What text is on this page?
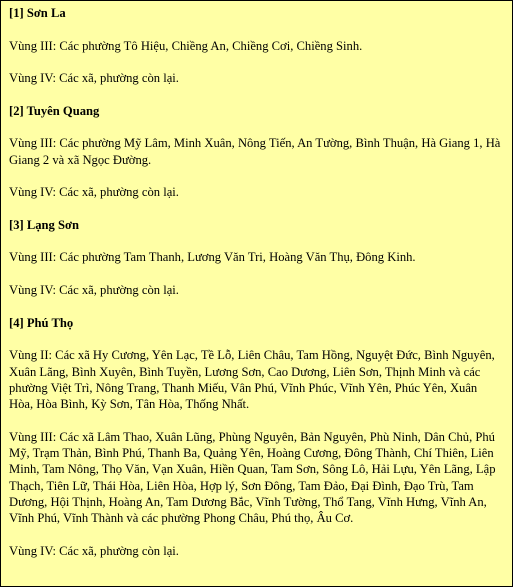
[1] Sơn La

Vùng III: Các phường Tô Hiệu, Chiềng An, Chiềng Cơi, Chiềng Sinh.

Vùng IV: Các xã, phường còn lại.

[2] Tuyên Quang

Vùng III: Các phường Mỹ Lâm, Minh Xuân, Nông Tiến, An Tường, Bình Thuận, Hà Giang 1, Hà Giang 2 và xã Ngọc Đường.

Vùng IV: Các xã, phường còn lại.

[3] Lạng Sơn

Vùng III: Các phường Tam Thanh, Lương Văn Tri, Hoàng Văn Thụ, Đông Kinh.

Vùng IV: Các xã, phường còn lại.

[4] Phú Thọ

Vùng II: Các xã Hy Cương, Yên Lạc, Tề Lỗ, Liên Châu, Tam Hồng, Nguyệt Đức, Bình Nguyên, Xuân Lãng, Bình Xuyên, Bình Tuyền, Lương Sơn, Cao Dương, Liên Sơn, Thịnh Minh và các phường Việt Trì, Nông Trang, Thanh Miếu, Vân Phú, Vĩnh Phúc, Vĩnh Yên, Phúc Yên, Xuân Hòa, Hòa Bình, Kỳ Sơn, Tân Hòa, Thống Nhất.

Vùng III: Các xã Lâm Thao, Xuân Lũng, Phùng Nguyên, Bản Nguyên, Phù Ninh, Dân Chủ, Phú Mỹ, Trạm Thản, Bình Phú, Thanh Ba, Quảng Yên, Hoàng Cương, Đông Thành, Chí Thiên, Liên Minh, Tam Nông, Thọ Văn, Vạn Xuân, Hiền Quan, Tam Sơn, Sông Lô, Hải Lựu, Yên Lãng, Lập Thạch, Tiên Lữ, Thái Hòa, Liên Hòa, Hợp lý, Sơn Đông, Tam Đảo, Đại Đình, Đạo Trù, Tam Dương, Hội Thịnh, Hoàng An, Tam Dương Bắc, Vĩnh Tường, Thổ Tang, Vĩnh Hưng, Vĩnh An, Vĩnh Phú, Vĩnh Thành và các phường Phong Châu, Phú thọ, Âu Cơ.

Vùng IV: Các xã, phường còn lại.
